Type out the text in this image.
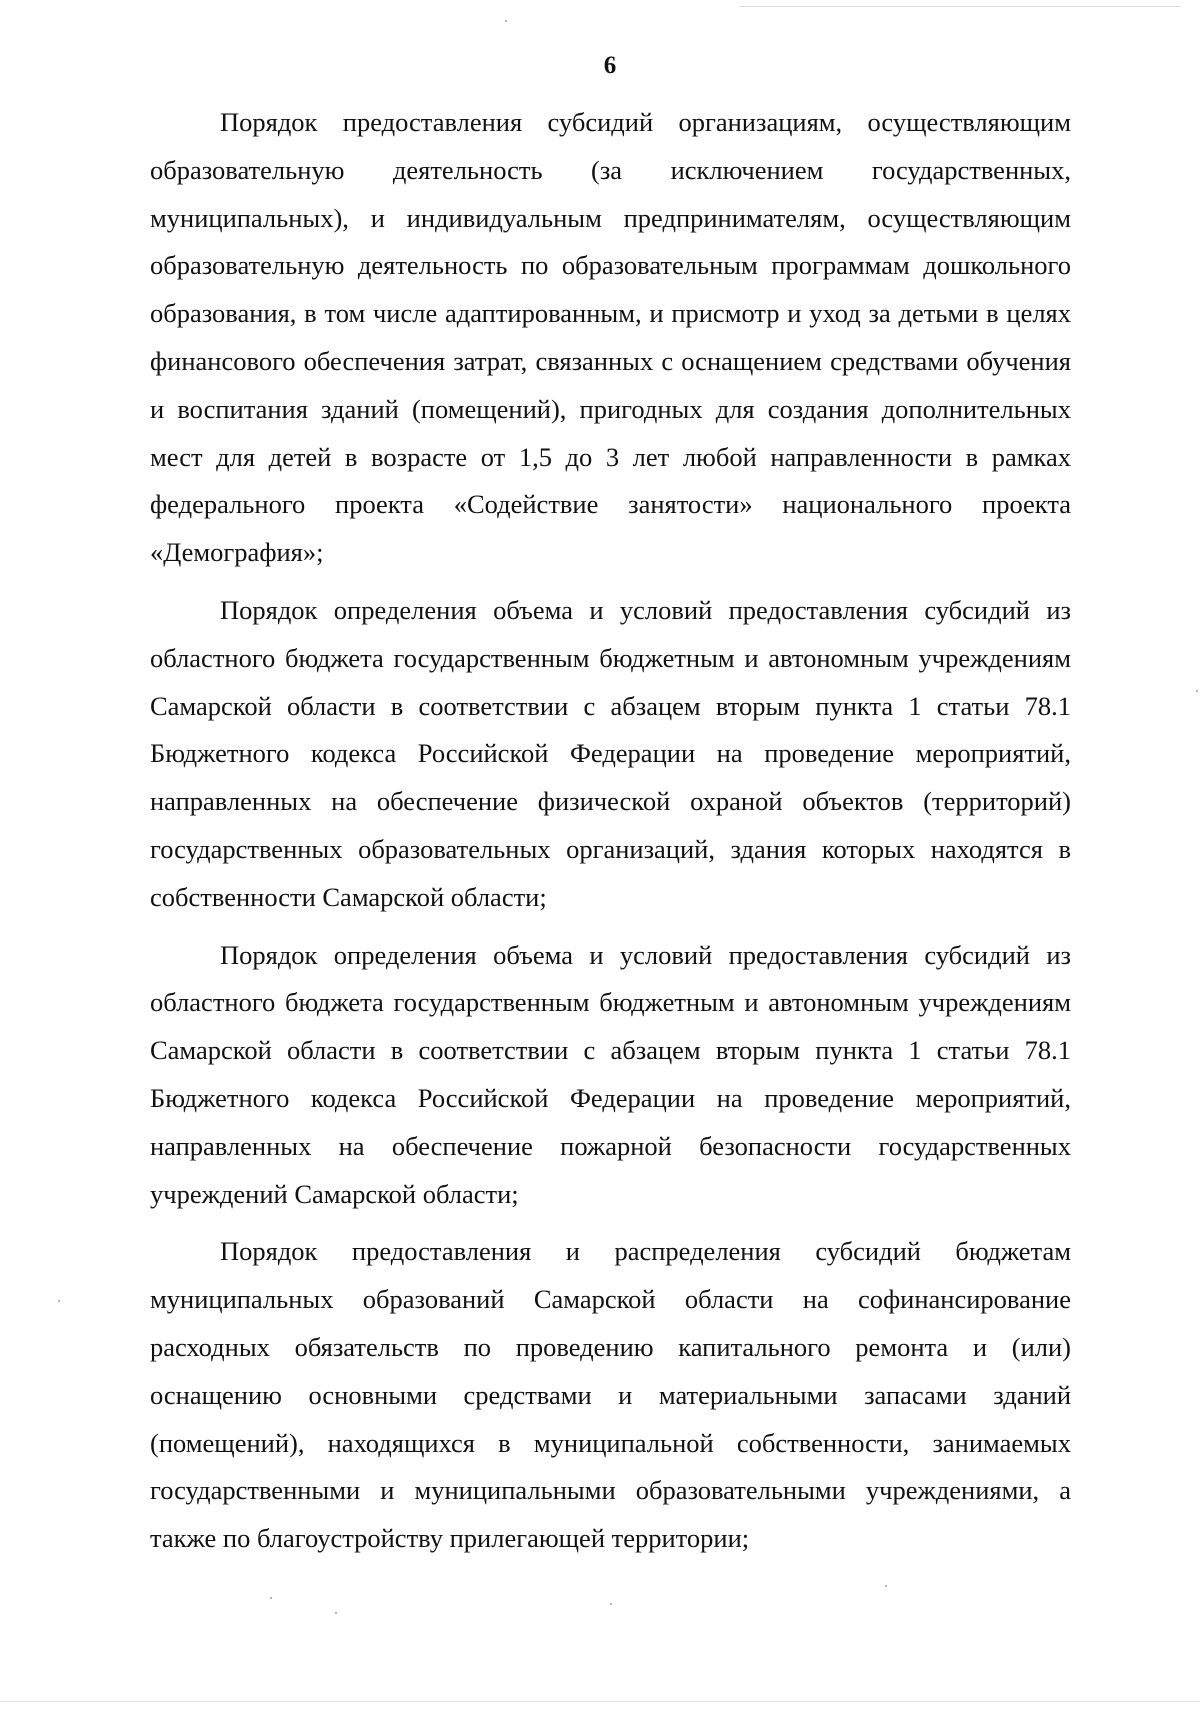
6

Порядок предоставления субсидий организациям, осуществляющим образовательную деятельность (за исключением государственных, муниципальных), и индивидуальным предпринимателям, осуществляющим образовательную деятельность по образовательным программам дошкольного образования, в том числе адаптированным, и присмотр и уход за детьми в целях финансового обеспечения затрат, связанных с оснащением средствами обучения и воспитания зданий (помещений), пригодных для создания дополнительных мест для детей в возрасте от 1,5 до 3 лет любой направленности в рамках федерального проекта «Содействие занятости» национального проекта «Демография»;

Порядок определения объема и условий предоставления субсидий из областного бюджета государственным бюджетным и автономным учреждениям Самарской области в соответствии с абзацем вторым пункта 1 статьи 78.1 Бюджетного кодекса Российской Федерации на проведение мероприятий, направленных на обеспечение физической охраной объектов (территорий) государственных образовательных организаций, здания которых находятся в собственности Самарской области;

Порядок определения объема и условий предоставления субсидий из областного бюджета государственным бюджетным и автономным учреждениям Самарской области в соответствии с абзацем вторым пункта 1 статьи 78.1 Бюджетного кодекса Российской Федерации на проведение мероприятий, направленных на обеспечение пожарной безопасности государственных учреждений Самарской области;

Порядок предоставления и распределения субсидий бюджетам муниципальных образований Самарской области на софинансирование расходных обязательств по проведению капитального ремонта и (или) оснащению основными средствами и материальными запасами зданий (помещений), находящихся в муниципальной собственности, занимаемых государственными и муниципальными образовательными учреждениями, а также по благоустройству прилегающей территории;
